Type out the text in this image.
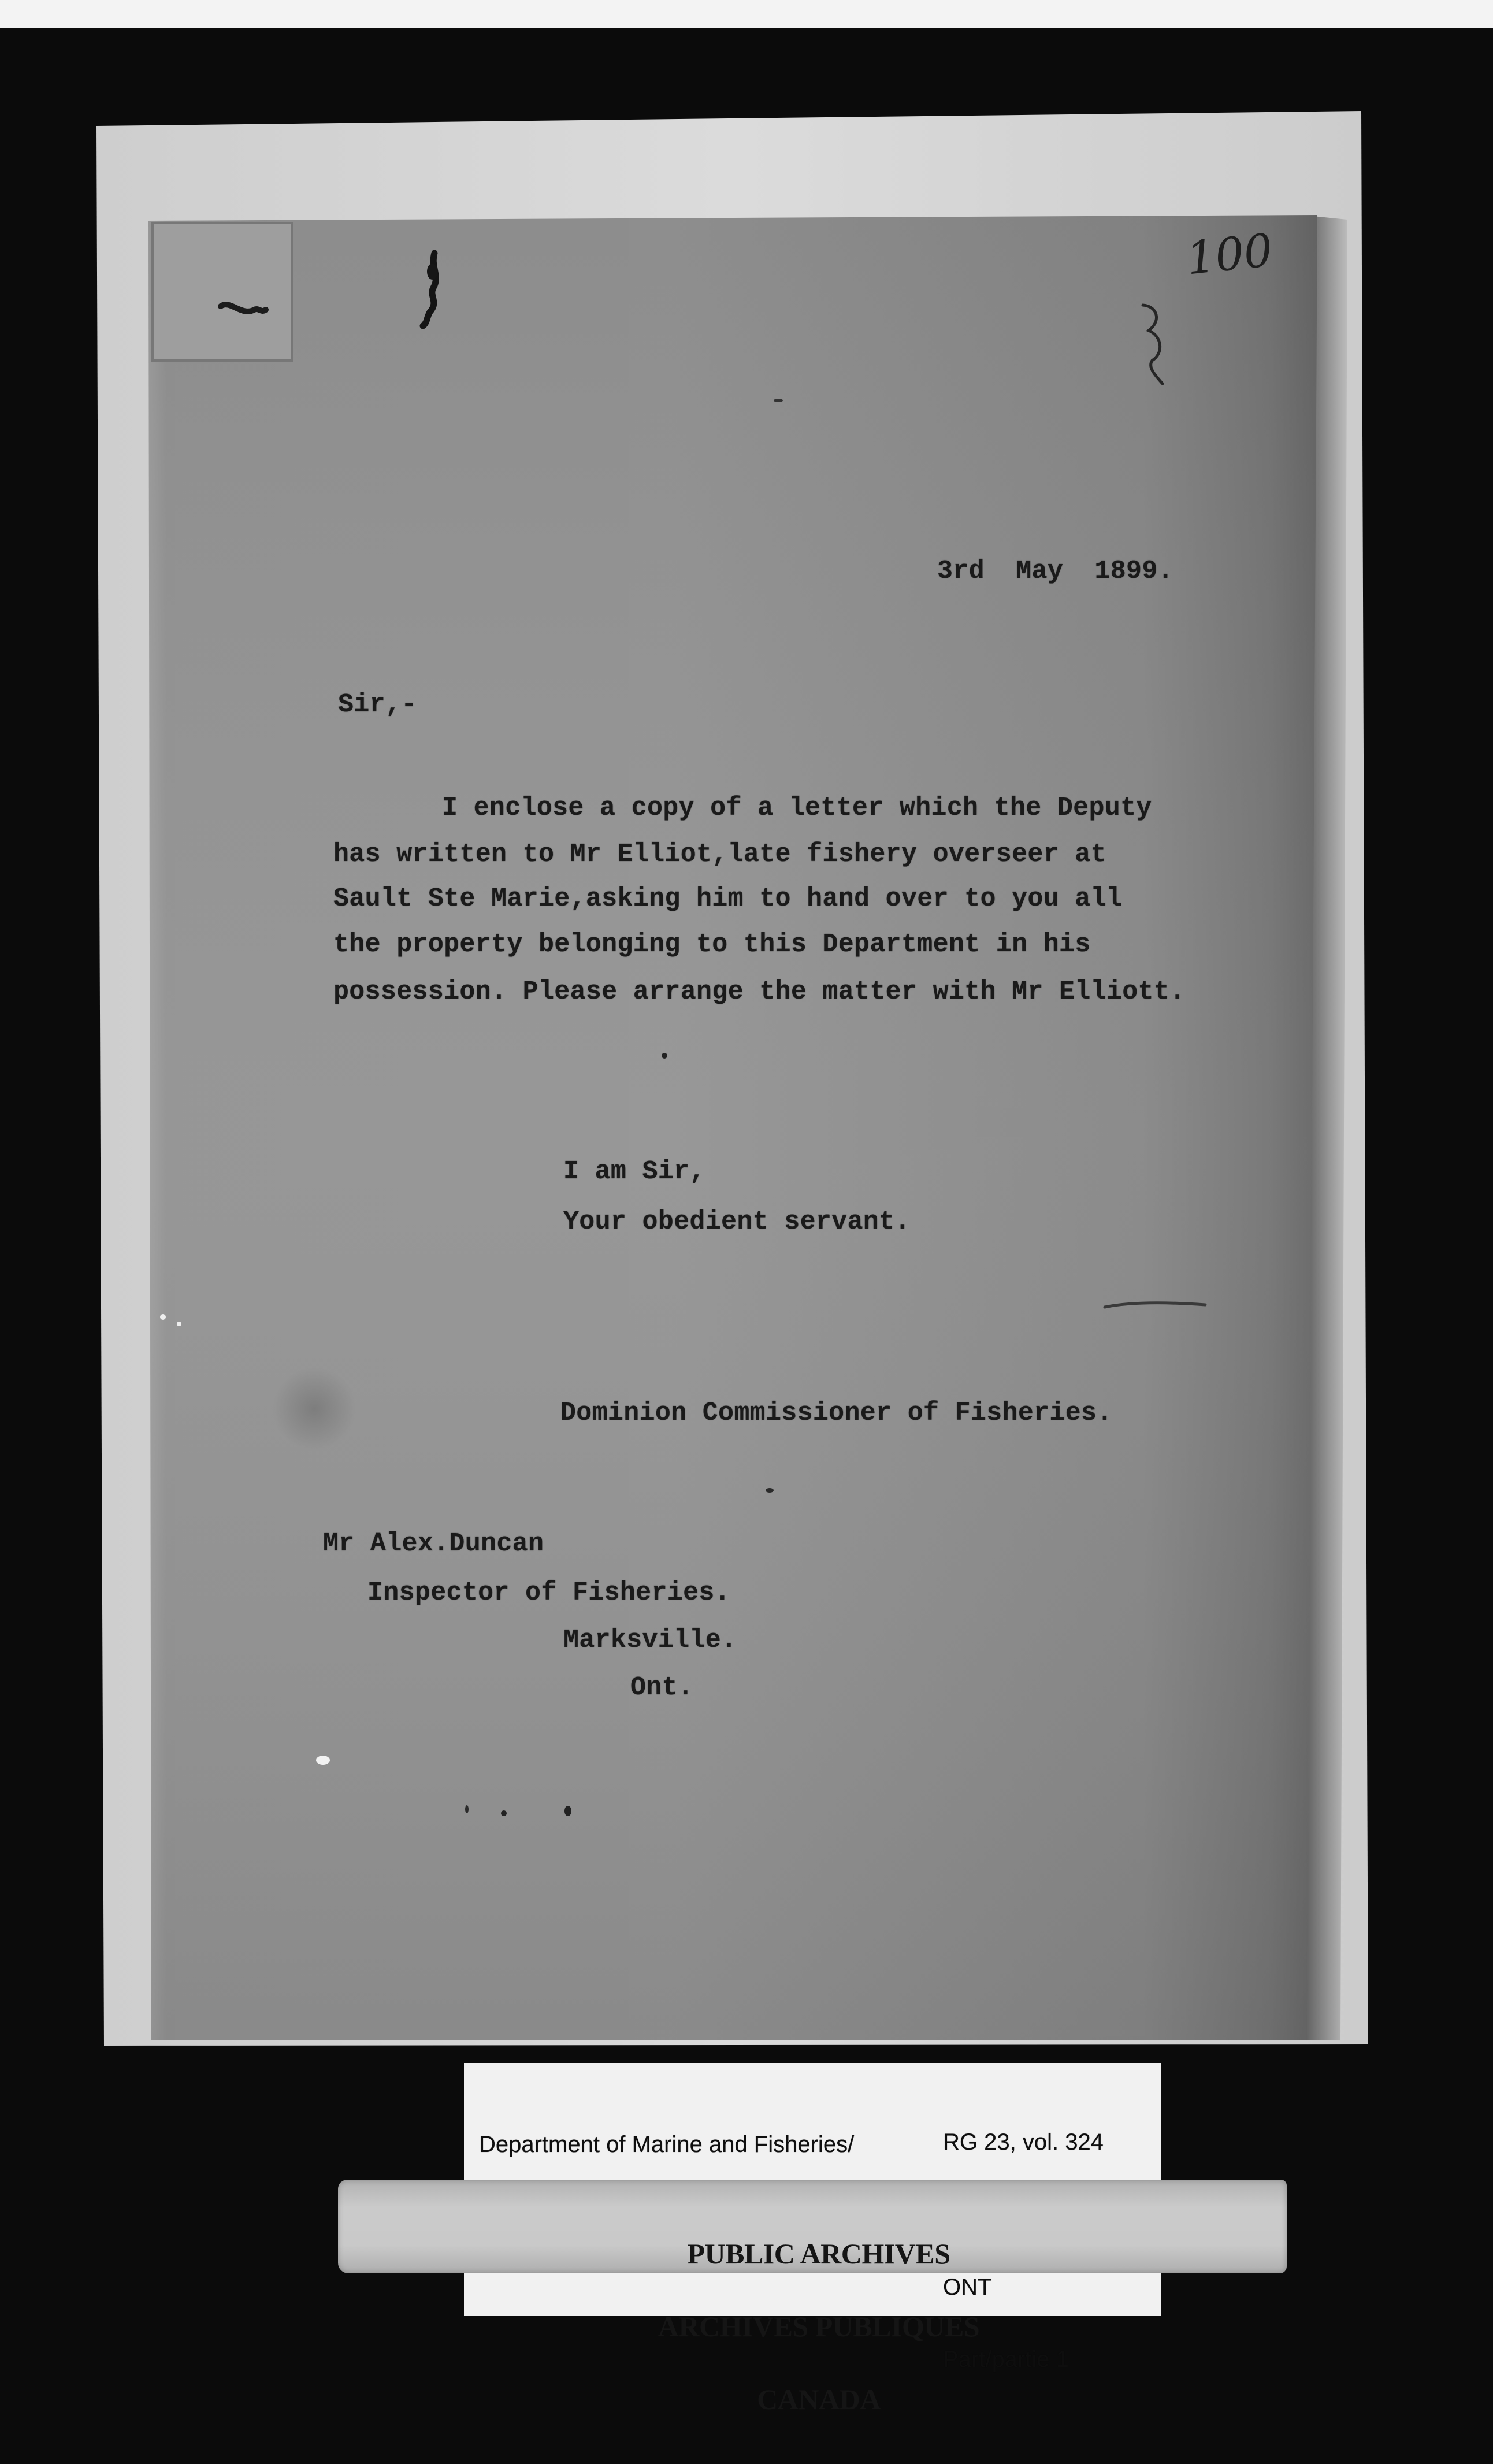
100
3rd May 1899.
Sir,-
I enclose a copy of a letter which the Deputy
has written to Mr Elliot,late fishery overseer at
Sault Ste Marie,asking him to hand over to you all
the property belonging to this Department in his
possession. Please arrange the matter with Mr Elliott.
I am Sir,
Your obedient servant.
Dominion Commissioner of Fisheries.
Mr Alex.Duncan
Inspector of Fisheries.
Marksville.
Ont.

Department of Marine and Fisheries/

	RG 23, vol. 324

ONT

Part/partie 1

PUBLIC ARCHIVES

ARCHIVES PUBLIQUES

CANADA
